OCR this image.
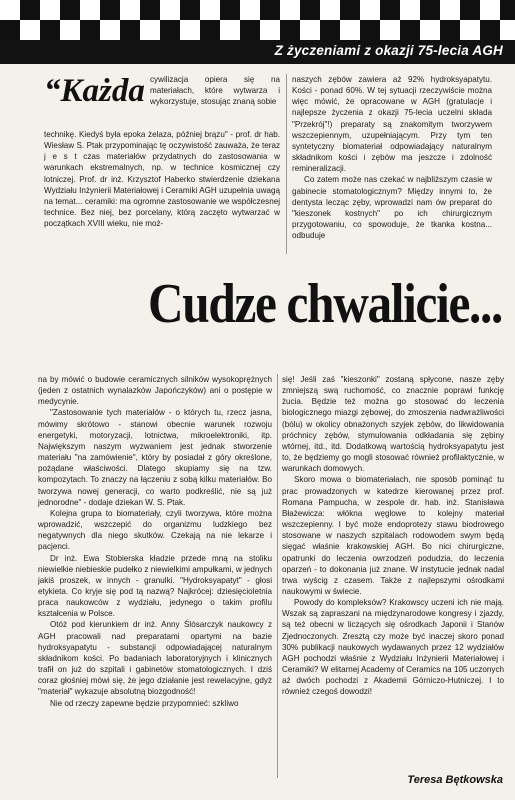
Z życzeniami z okazji 75-lecia AGH
“Każda cywilizacja opiera się na materiałach, które wytwarza i wykorzystuje, stosując znaną sobie

technikę. Kiedyś była epoka żelaza, później brązu" - prof. dr hab. Wiesław S. Ptak przypominając tę oczywistość zauważa, że teraz j e s t czas materiałów przydatnych do zastosowania w warunkach ekstremalnych, np. w technice kosmicznej czy lotniczej. Prof. dr inż. Krzysztof Haberko stwierdzenie dziekana Wydziału Inżynierii Materiałowej i Ceramiki AGH uzupełnia uwagą na temat... ceramiki: ma ogromne zastosowanie we współczesnej technice. Bez niej, bez porcelany, którą zaczęto wytwarzać w początkach XVIII wieku, nie moż-

naszych zębów zawiera aż 92% hydroksyapatytu. Kości - ponad 60%. W tej sytuacji rzeczywiście można więc mówić, że opracowane w AGH (gratulacje i najlepsze życzenia z okazji 75-lecia uczelni składa "Przekrój"!) preparaty są znakomitym tworzywem wszczepiennym, uzupełniającym. Przy tym ten syntetyczny biomateriał odpowiadający naturalnym składnikom kości i zębów ma jeszcze i zdolność remineralizacji.

Co zatem może nas czekać w najbliższym czasie w gabinecie stomatologicznym? Między innymi to, że dentysta lecząc zęby, wprowadzi nam ów preparat do "kieszonek kostnych" po ich chirurgicznym przygotowaniu, co spowoduje, że tkanka kostna... odbuduje

Cudze chwalicie...

na by mówić o budowie ceramicznych silników wysokoprężnych (jeden z ostatnich wynalazków Japończyków) ani o postępie w medycynie.

"Zastosowanie tych materiałów - o których tu, rzecz jasna, mówimy skrótowo - stanowi obecnie warunek rozwoju energetyki, motoryzacji, lotnictwa, mikroelektroniki, itp. Największym naszym wyzwaniem jest jednak stworzenie materiału "na zamówienie", który by posiadał z góry określone, pożądane właściwości. Dlatego skupiamy się na tzw. kompozytach. To znaczy na łączeniu z sobą kilku materiałów. Bo tworzywa nowej generacji, co warto podkreślić, nie są już jednorodne" - dodaje dziekan W. S. Ptak.

Kolejna grupa to biomateriały, czyli tworzywa, które można wprowadzić, wszczepić do organizmu ludzkiego bez negatywnych dla niego skutków. Czekają na nie lekarze i pacjenci.

Dr inż. Ewa Stobierska kładzie przede mną na stoliku niewielkie niebieskie pudełko z niewielkimi ampułkami, w jednych jakiś proszek, w innych - granulki. "Hydroksyapatyt" - głosi etykieta. Co kryje się pod tą nazwą? Najkrócej: dziesięcioletnia praca naukowców z wydziału, jedynego o takim profilu kształcenia w Polsce.

Otóż pod kierunkiem dr inż. Anny Ślósarczyk naukowcy z AGH pracowali nad preparatami opartymi na bazie hydroksyapatytu - substancji odpowiadającej naturalnym składnikom kości. Po badaniach laboratoryjnych i klinicznych trafił on już do szpitali i gabinetów stomatologicznych. I dziś coraz głośniej mówi się, że jego działanie jest rewelacyjne, gdyż "materiał" wykazuje absolutną biozgodność!

Nie od rzeczy zapewne będzie przypomnieć: szkliwo

się! Jeśli zaś "kieszonki" zostaną spłycone, nasze zęby zmniejszą swą ruchomość, co znacznie poprawi funkcję żucia. Będzie też można go stosować do leczenia biologicznego miazgi zębowej, do zmoszenia nadwrażliwości (bólu) w okolicy obnażonych szyjek zębów, do likwidowania próchnicy zębów, stymulowania odkładania się zębiny wtórnej, itd., itd. Dodatkową wartością hydroksyapatytu jest to, że będziemy go mogli stosować również profilaktycznie, w warunkach domowych.

Skoro mowa o biomateriałach, nie sposób pominąć tu prac prowadzonych w katedrze kierowanej przez prof. Romana Pampucha, w zespole dr. hab. inż. Stanisława Błażewicza: włókna węglowe to kolejny materiał wszczepienny. I być może endoprotezy stawu biodrowego stosowane w naszych szpitalach rodowodem swym będą sięgać właśnie krakowskiej AGH. Bo nici chirurgiczne, opatrunki do leczenia owrzodzeń podudzia, do leczenia oparzeń - to dokonania już znane. W instytucie jednak nadal trwa wyścig z czasem. Także z najlepszymi ośrodkami naukowymi w świecie.

Powody do kompleksów? Krakowscy uczeni ich nie mają. Wszak są zapraszani na międzynarodowe kongresy i zjazdy, są też obecni w liczących się ośrodkach Japonii i Stanów Zjednoczonych. Zresztą czy może być inaczej skoro ponad 30% publikacji naukowych wydawanych przez 12 wydziałów AGH pochodzi właśnie z Wydziału Inżynierii Materiałowej i Ceramiki? W elitarnej Academy of Ceramics na 105 uczonych aż dwóch pochodzi z Akademii Górniczo-Hutniczej. I to również czegoś dowodzi!

Teresa Bętkowska
